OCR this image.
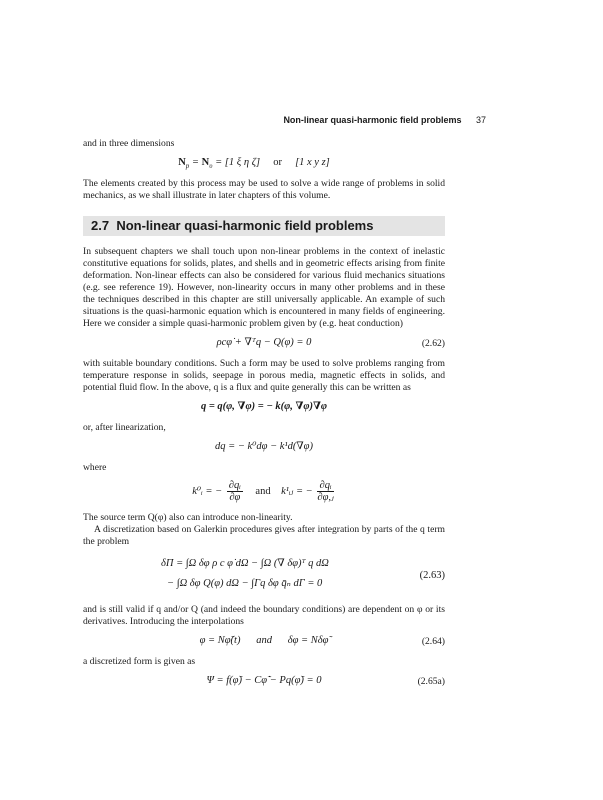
Non-linear quasi-harmonic field problems 37

and in three dimensions

$N_p = N_\upsilon = [1$ ξ η ζ] or [1 x y z]

The elements created by this process may be used to solve a wide range of problems in solid mechanics, as we shall illustrate in later chapters of this volume.

2.7 Non-linear quasi-harmonic field problems

In subsequent chapters we shall touch upon non-linear problems in the context of inelastic constitutive equations for solids, plates, and shells and in geometric effects arising from finite deformation. Non-linear effects can also be considered for various fluid mechanics situations (e.g. see reference 19). However, non-linearity occurs in many other problems and in these the techniques described in this chapter are still universally applicable. An example of such situations is the quasi-harmonic equation which is encountered in many fields of engineering. Here we consider a simple quasi-harmonic problem given by (e.g. heat conduction)

ρcφ̇ + ∇ᵀq − Q(φ) = 0	(2.62)

with suitable boundary conditions. Such a form may be used to solve problems ranging from temperature response in solids, seepage in porous media, magnetic effects in solids, and potential fluid flow. In the above, q is a flux and quite generally this can be written as

q = q(φ, ∇φ) = − k(φ, ∇φ)∇φ

or, after linearization,

dq = − k⁰dφ − k¹d(∇φ)

where

k⁰ᵢ = − $\frac{\text{∂qᵢ}}{\partial\varphi}$ and k¹ᵢⱼ = − $\frac{\text{∂qᵢ}}{\text{∂φ,ⱼ}}$

The source term Q(φ) also can introduce non-linearity.

A discretization based on Galerkin procedures gives after integration by parts of the q term the problem

δΠ = ∫Ω δφ ρ c φ̇ dΩ − ∫Ω (∇ δφ)ᵀ q dΩ
− ∫Ω δφ Q(φ) dΩ − ∫Γq δφ q̄ₙ dΓ = 0
(2.63)

and is still valid if q and/or Q (and indeed the boundary conditions) are dependent on φ or its derivatives. Introducing the interpolations

φ = Nφ̃(t)      and      δφ = Nδφ̃	(2.64)

a discretized form is given as

Ψ = f(φ̃) − Cφ̃̇ − Pq(φ̃) = 0	(2.65a)
